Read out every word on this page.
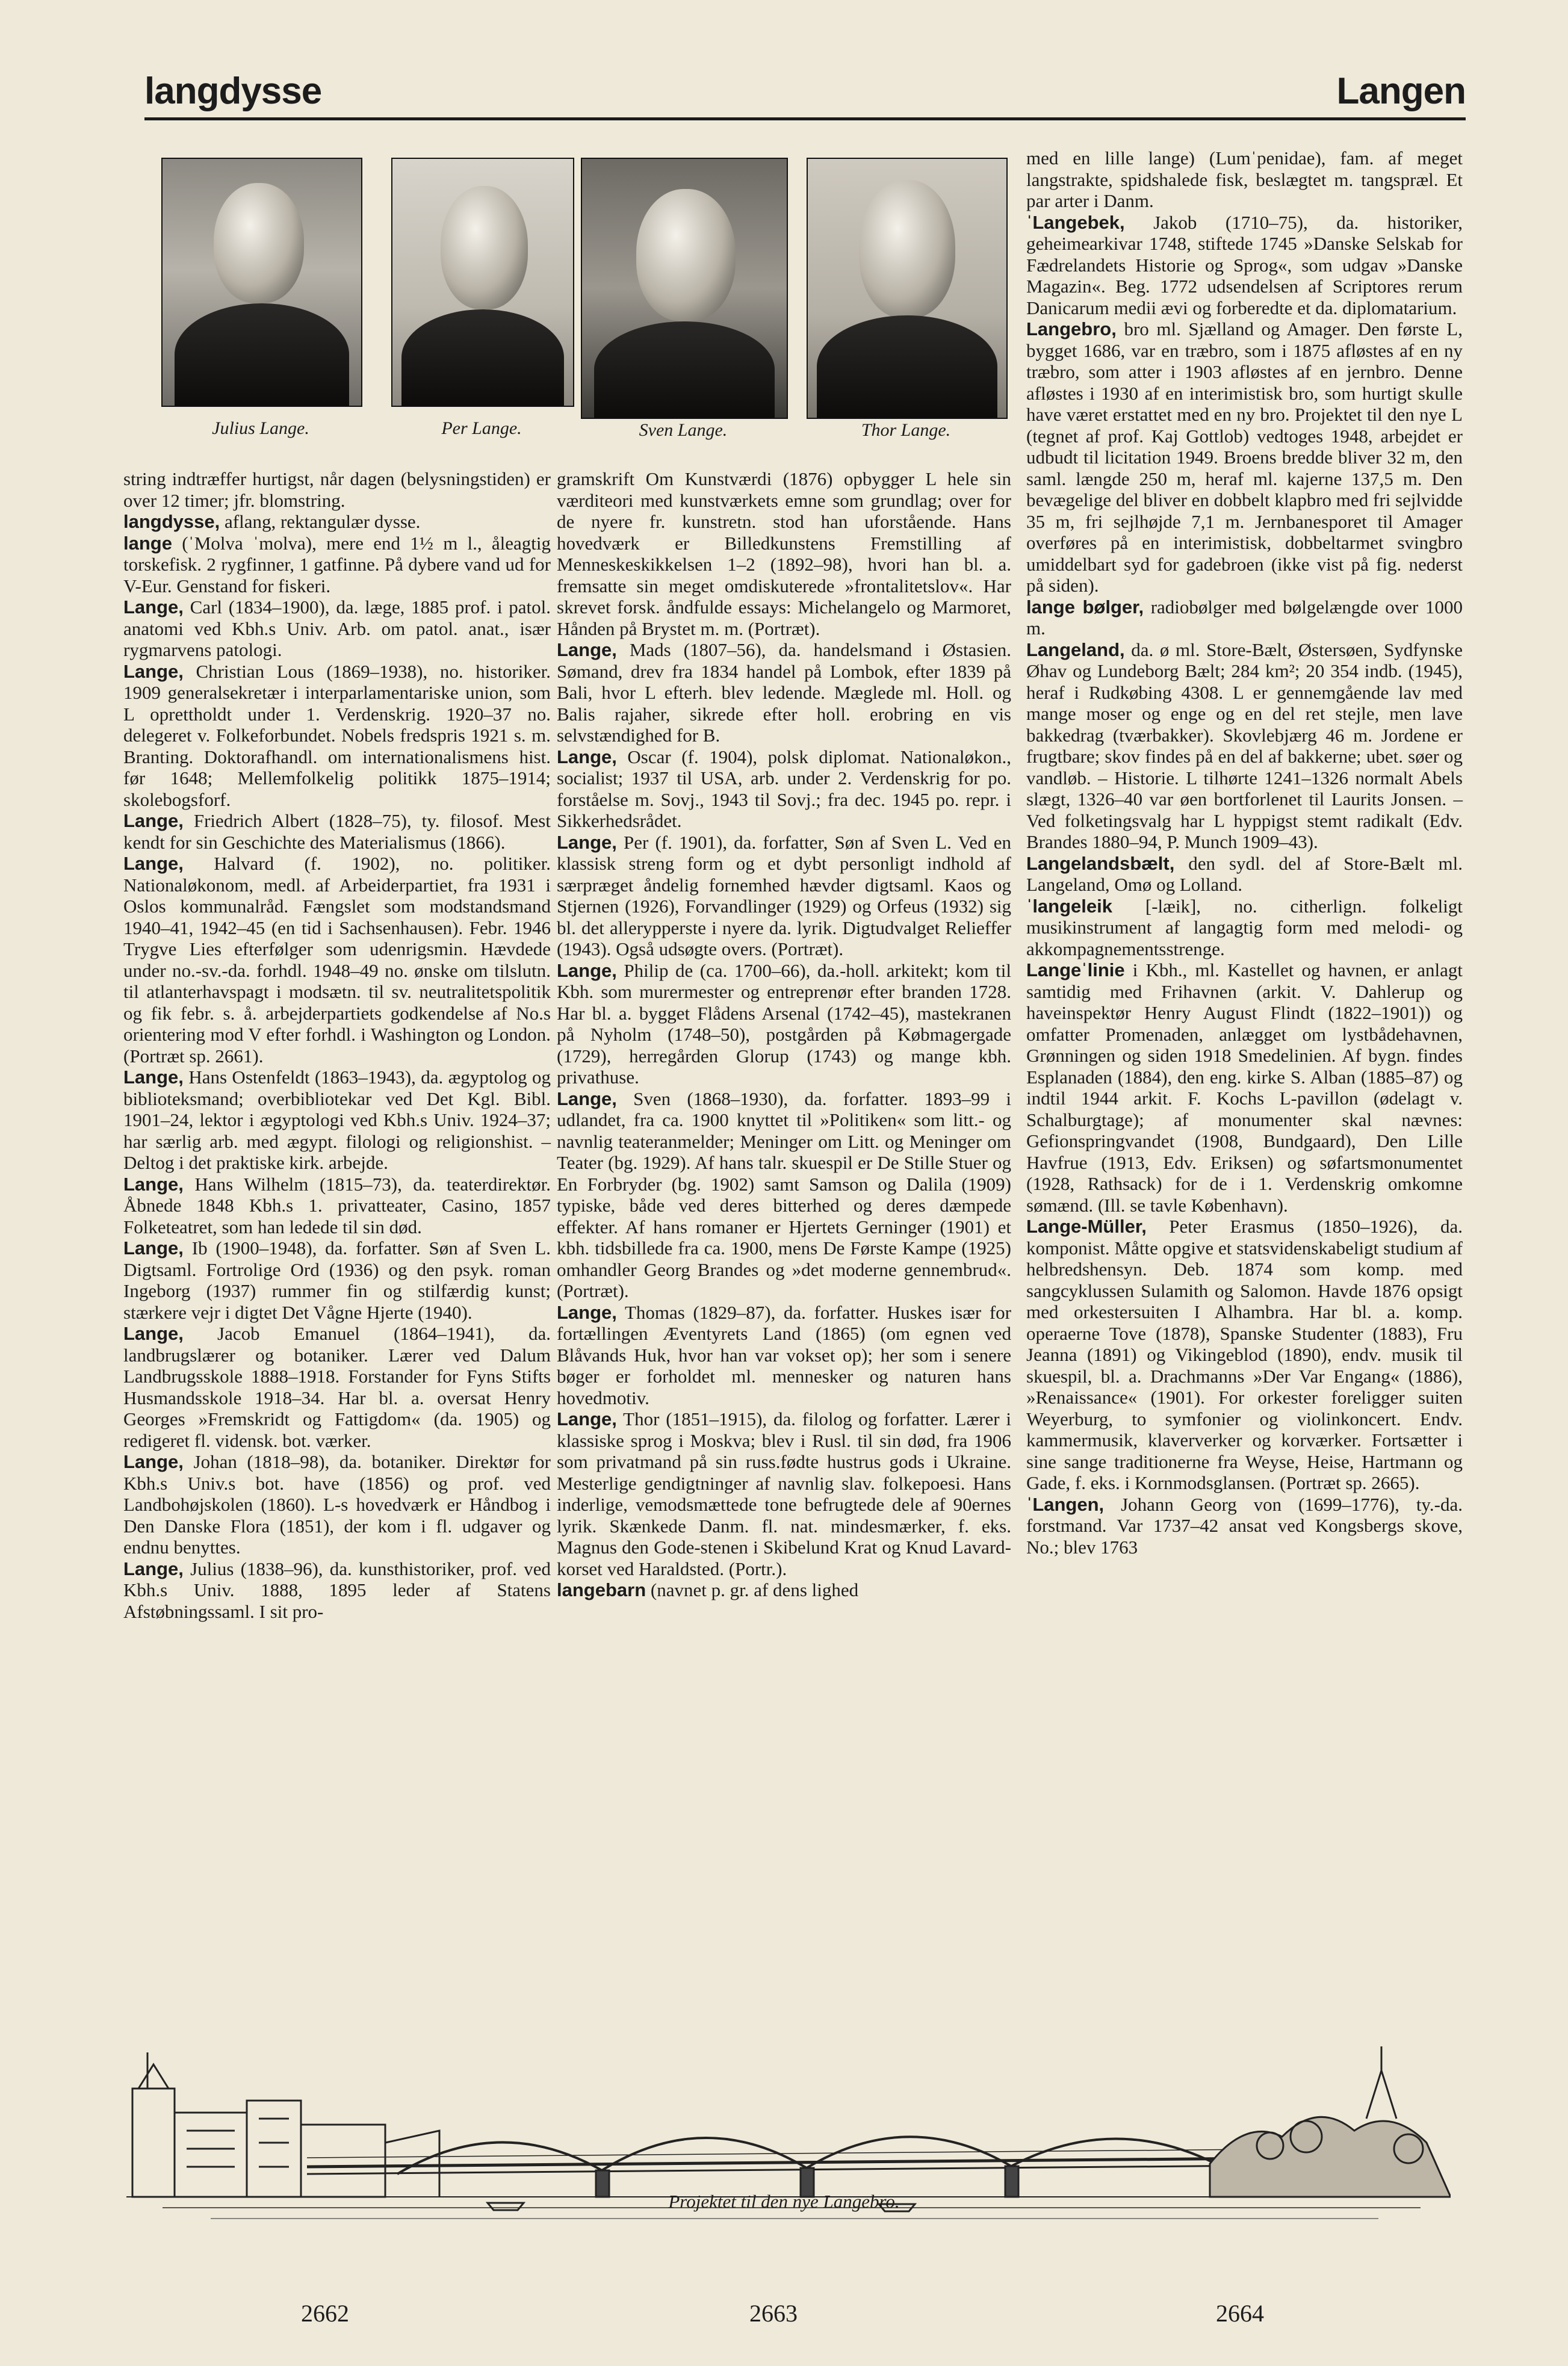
langdysse	Langen
Julius Lange.	Per Lange.	Sven Lange.	Thor Lange.

string indtræffer hurtigst, når dagen (belysningstiden) er over 12 timer; jfr. blomstring.

langdysse, aflang, rektangulær dysse.

lange (ˈMolva ˈmolva), mere end 1½ m l., åleagtig torskefisk. 2 rygfinner, 1 gatfinne. På dybere vand ud for V-Eur. Genstand for fiskeri.

Lange, Carl (1834–1900), da. læge, 1885 prof. i patol. anatomi ved Kbh.s Univ. Arb. om patol. anat., især rygmarvens patologi.

Lange, Christian Lous (1869–1938), no. historiker. 1909 generalsekretær i interparlamentariske union, som L oprettholdt under 1. Verdenskrig. 1920–37 no. delegeret v. Folkeforbundet. Nobels fredspris 1921 s. m. Branting. Doktorafhandl. om internationalismens hist. før 1648; Mellemfolkelig politikk 1875–1914; skolebogsforf.

Lange, Friedrich Albert (1828–75), ty. filosof. Mest kendt for sin Geschichte des Materialismus (1866).

Lange, Halvard (f. 1902), no. politiker. Nationaløkonom, medl. af Arbeiderpartiet, fra 1931 i Oslos kommunalråd. Fængslet som modstandsmand 1940–41, 1942–45 (en tid i Sachsenhausen). Febr. 1946 Trygve Lies efterfølger som udenrigsmin. Hævdede under no.-sv.-da. forhdl. 1948–49 no. ønske om tilslutn. til atlanterhavspagt i modsætn. til sv. neutralitetspolitik og fik febr. s. å. arbejderpartiets godkendelse af No.s orientering mod V efter forhdl. i Washington og London. (Portræt sp. 2661).

Lange, Hans Ostenfeldt (1863–1943), da. ægyptolog og biblioteksmand; overbibliotekar ved Det Kgl. Bibl. 1901–24, lektor i ægyptologi ved Kbh.s Univ. 1924–37; har særlig arb. med ægypt. filologi og religionshist. – Deltog i det praktiske kirk. arbejde.

Lange, Hans Wilhelm (1815–73), da. teaterdirektør. Åbnede 1848 Kbh.s 1. privatteater, Casino, 1857 Folketeatret, som han ledede til sin død.

Lange, Ib (1900–1948), da. forfatter. Søn af Sven L. Digtsaml. Fortrolige Ord (1936) og den psyk. roman Ingeborg (1937) rummer fin og stilfærdig kunst; stærkere vejr i digtet Det Vågne Hjerte (1940).

Lange, Jacob Emanuel (1864–1941), da. landbrugslærer og botaniker. Lærer ved Dalum Landbrugsskole 1888–1918. Forstander for Fyns Stifts Husmandsskole 1918–34. Har bl. a. oversat Henry Georges »Fremskridt og Fattigdom« (da. 1905) og redigeret fl. vidensk. bot. værker.

Lange, Johan (1818–98), da. botaniker. Direktør for Kbh.s Univ.s bot. have (1856) og prof. ved Landbohøjskolen (1860). L-s hovedværk er Håndbog i Den Danske Flora (1851), der kom i fl. udgaver og endnu benyttes.

Lange, Julius (1838–96), da. kunsthistoriker, prof. ved Kbh.s Univ. 1888, 1895 leder af Statens Afstøbningssaml. I sit pro-

gramskrift Om Kunstværdi (1876) opbygger L hele sin værditeori med kunstværkets emne som grundlag; over for de nyere fr. kunstretn. stod han uforstående. Hans hovedværk er Billedkunstens Fremstilling af Menneskeskikkelsen 1–2 (1892–98), hvori han bl. a. fremsatte sin meget omdiskuterede »frontalitetslov«. Har skrevet forsk. åndfulde essays: Michelangelo og Marmoret, Hånden på Brystet m. m. (Portræt).

Lange, Mads (1807–56), da. handelsmand i Østasien. Sømand, drev fra 1834 handel på Lombok, efter 1839 på Bali, hvor L efterh. blev ledende. Mæglede ml. Holl. og Balis rajaher, sikrede efter holl. erobring en vis selvstændighed for B.

Lange, Oscar (f. 1904), polsk diplomat. Nationaløkon., socialist; 1937 til USA, arb. under 2. Verdenskrig for po. forståelse m. Sovj., 1943 til Sovj.; fra dec. 1945 po. repr. i Sikkerhedsrådet.

Lange, Per (f. 1901), da. forfatter, Søn af Sven L. Ved en klassisk streng form og et dybt personligt indhold af særpræget åndelig fornemhed hævder digtsaml. Kaos og Stjernen (1926), Forvandlinger (1929) og Orfeus (1932) sig bl. det allerypperste i nyere da. lyrik. Digtudvalget Relieffer (1943). Også udsøgte overs. (Portræt).

Lange, Philip de (ca. 1700–66), da.-holl. arkitekt; kom til Kbh. som murermester og entreprenør efter branden 1728. Har bl. a. bygget Flådens Arsenal (1742–45), mastekranen på Nyholm (1748–50), postgården på Købmagergade (1729), herregården Glorup (1743) og mange kbh. privathuse.

Lange, Sven (1868–1930), da. forfatter. 1893–99 i udlandet, fra ca. 1900 knyttet til »Politiken« som litt.- og navnlig teateranmelder; Meninger om Litt. og Meninger om Teater (bg. 1929). Af hans talr. skuespil er De Stille Stuer og En Forbryder (bg. 1902) samt Samson og Dalila (1909) typiske, både ved deres bitterhed og deres dæmpede effekter. Af hans romaner er Hjertets Gerninger (1901) et kbh. tidsbillede fra ca. 1900, mens De Første Kampe (1925) omhandler Georg Brandes og »det moderne gennembrud«. (Portræt).

Lange, Thomas (1829–87), da. forfatter. Huskes især for fortællingen Æventyrets Land (1865) (om egnen ved Blåvands Huk, hvor han var vokset op); her som i senere bøger er forholdet ml. mennesker og naturen hans hovedmotiv.

Lange, Thor (1851–1915), da. filolog og forfatter. Lærer i klassiske sprog i Moskva; blev i Rusl. til sin død, fra 1906 som privatmand på sin russ.fødte hustrus gods i Ukraine. Mesterlige gendigtninger af navnlig slav. folkepoesi. Hans inderlige, vemodsmættede tone befrugtede dele af 90ernes lyrik. Skænkede Danm. fl. nat. mindesmærker, f. eks. Magnus den Gode-stenen i Skibelund Krat og Knud Lavard-korset ved Haraldsted. (Portr.).

langebarn (navnet p. gr. af dens lighed

med en lille lange) (Lumˈpenidae), fam. af meget langstrakte, spidshalede fisk, beslægtet m. tangspræl. Et par arter i Danm.

ˈLangebek, Jakob (1710–75), da. historiker, geheimearkivar 1748, stiftede 1745 »Danske Selskab for Fædrelandets Historie og Sprog«, som udgav »Danske Magazin«. Beg. 1772 udsendelsen af Scriptores rerum Danicarum medii ævi og forberedte et da. diplomatarium.

Langebro, bro ml. Sjælland og Amager. Den første L, bygget 1686, var en træbro, som i 1875 afløstes af en ny træbro, som atter i 1903 afløstes af en jernbro. Denne afløstes i 1930 af en interimistisk bro, som hurtigt skulle have været erstattet med en ny bro. Projektet til den nye L (tegnet af prof. Kaj Gottlob) vedtoges 1948, arbejdet er udbudt til licitation 1949. Broens bredde bliver 32 m, den saml. længde 250 m, heraf ml. kajerne 137,5 m. Den bevægelige del bliver en dobbelt klapbro med fri sejlvidde 35 m, fri sejlhøjde 7,1 m. Jernbanesporet til Amager overføres på en interimistisk, dobbeltarmet svingbro umiddelbart syd for gadebroen (ikke vist på fig. nederst på siden).

lange bølger, radiobølger med bølgelængde over 1000 m.

Langeland, da. ø ml. Store-Bælt, Østersøen, Sydfynske Øhav og Lundeborg Bælt; 284 km²; 20 354 indb. (1945), heraf i Rudkøbing 4308. L er gennemgående lav med mange moser og enge og en del ret stejle, men lave bakkedrag (tværbakker). Skovlebjærg 46 m. Jordene er frugtbare; skov findes på en del af bakkerne; ubet. søer og vandløb. – Historie. L tilhørte 1241–1326 normalt Abels slægt, 1326–40 var øen bortforlenet til Laurits Jonsen. – Ved folketingsvalg har L hyppigst stemt radikalt (Edv. Brandes 1880–94, P. Munch 1909–43).

Langelandsbælt, den sydl. del af Store-Bælt ml. Langeland, Omø og Lolland.

ˈlangeleik [-læik], no. citherlign. folkeligt musikinstrument af langagtig form med melodi- og akkompagnementsstrenge.

Langeˈlinie i Kbh., ml. Kastellet og havnen, er anlagt samtidig med Frihavnen (arkit. V. Dahlerup og haveinspektør Henry August Flindt (1822–1901)) og omfatter Promenaden, anlægget om lystbådehavnen, Grønningen og siden 1918 Smedelinien. Af bygn. findes Esplanaden (1884), den eng. kirke S. Alban (1885–87) og indtil 1944 arkit. F. Kochs L-pavillon (ødelagt v. Schalburgtage); af monumenter skal nævnes: Gefionspringvandet (1908, Bundgaard), Den Lille Havfrue (1913, Edv. Eriksen) og søfartsmonumentet (1928, Rathsack) for de i 1. Verdenskrig omkomne sømænd. (Ill. se tavle København).

Lange-Müller, Peter Erasmus (1850–1926), da. komponist. Måtte opgive et statsvidenskabeligt studium af helbredshensyn. Deb. 1874 som komp. med sangcyklussen Sulamith og Salomon. Havde 1876 opsigt med orkestersuiten I Alhambra. Har bl. a. komp. operaerne Tove (1878), Spanske Studenter (1883), Fru Jeanna (1891) og Vikingeblod (1890), endv. musik til skuespil, bl. a. Drachmanns »Der Var Engang« (1886), »Renaissance« (1901). For orkester foreligger suiten Weyerburg, to symfonier og violinkoncert. Endv. kammermusik, klaververker og korværker. Fortsætter i sine sange traditionerne fra Weyse, Heise, Hartmann og Gade, f. eks. i Kornmodsglansen. (Portræt sp. 2665).

ˈLangen, Johann Georg von (1699–1776), ty.-da. forstmand. Var 1737–42 ansat ved Kongsbergs skove, No.; blev 1763

Projektet til den nye Langebro.
2662	2663	2664
